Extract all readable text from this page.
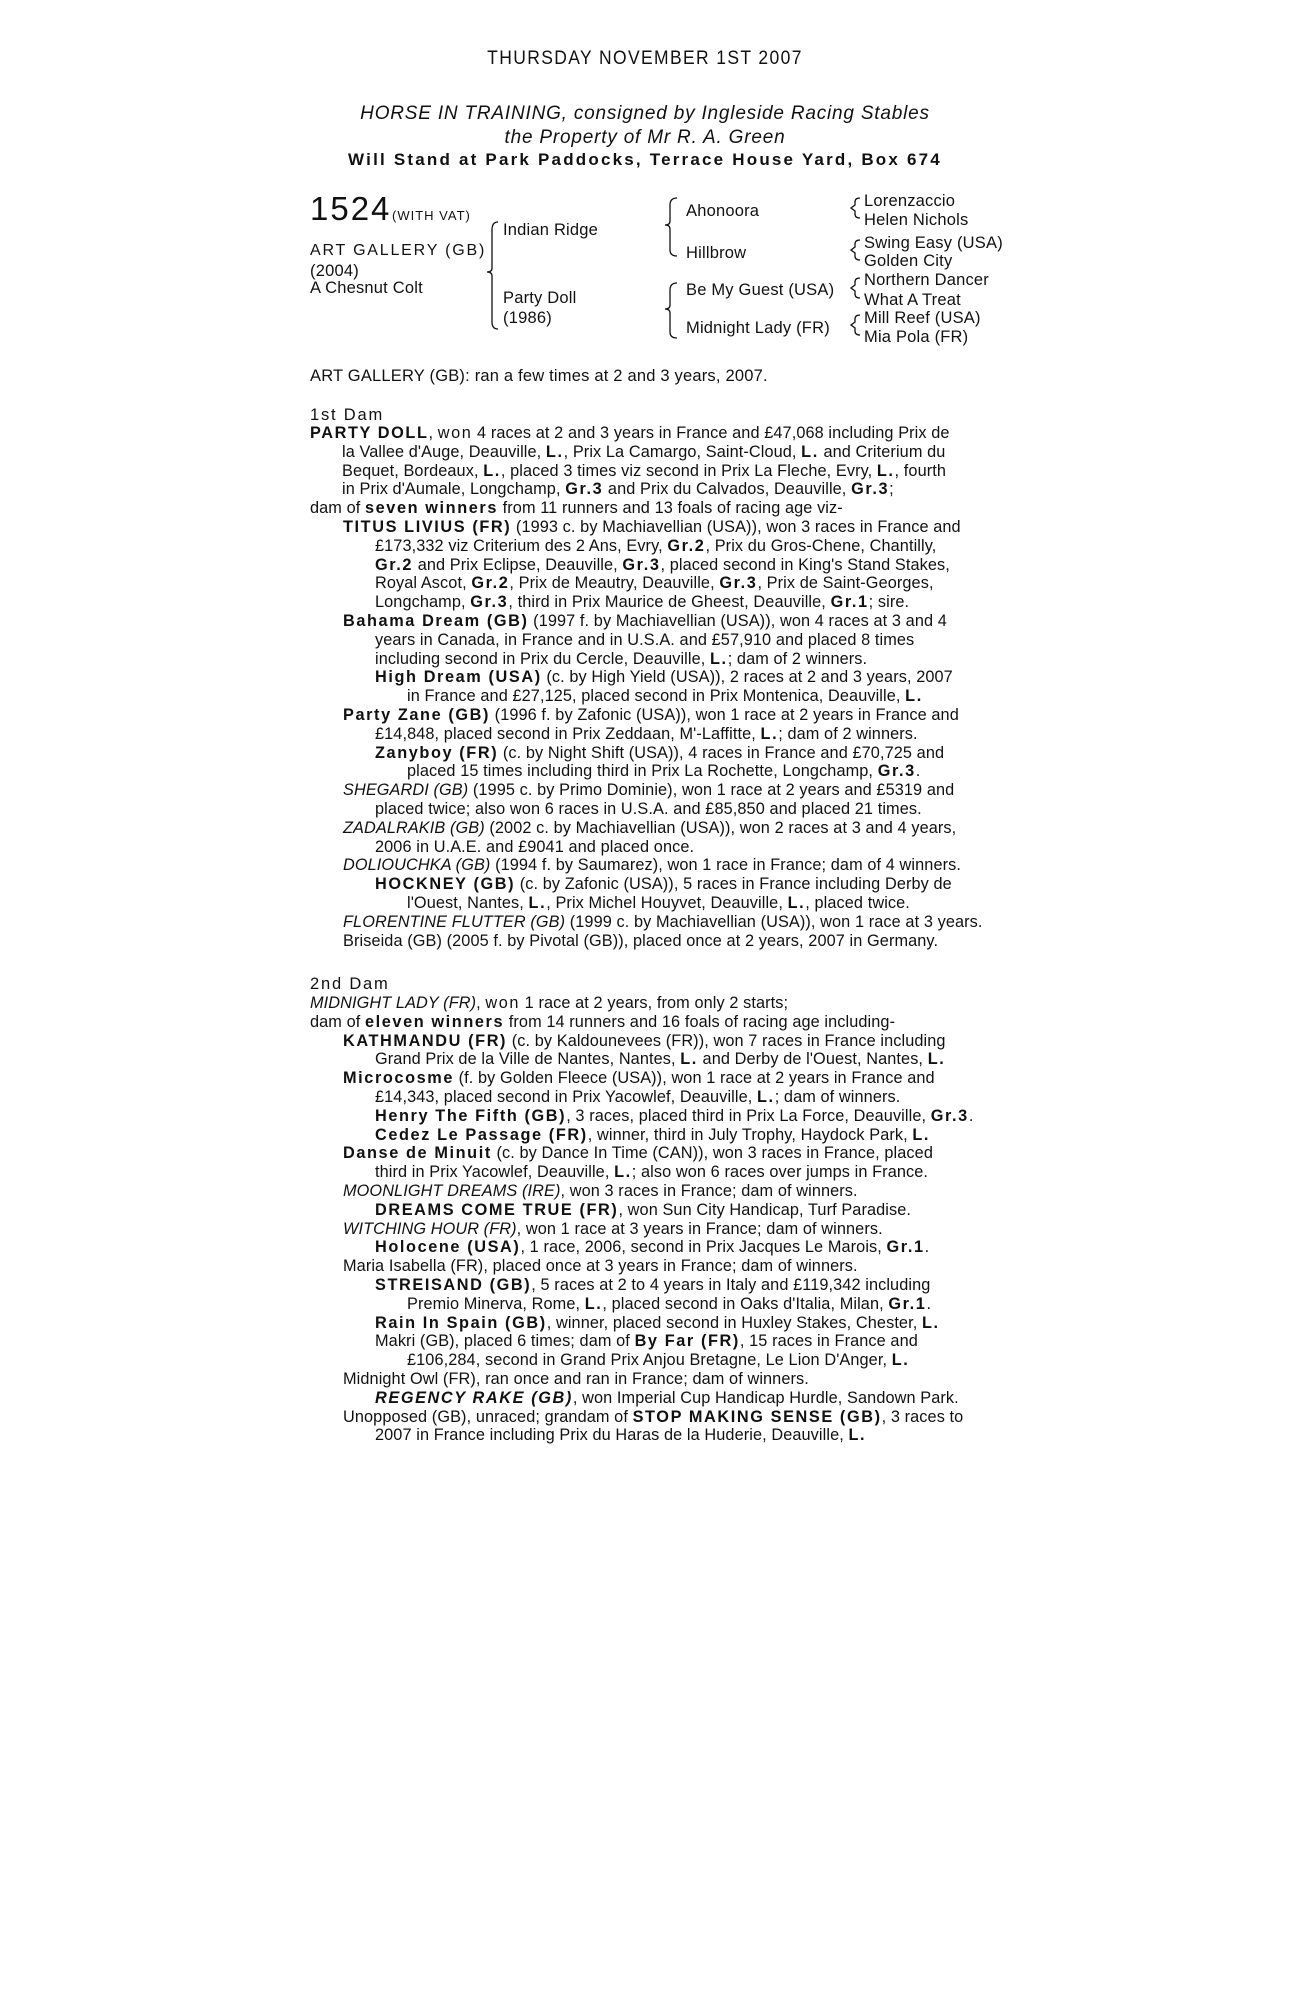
THURSDAY NOVEMBER 1ST 2007
HORSE IN TRAINING, consigned by Ingleside Racing Stables
the Property of Mr R. A. Green
Will Stand at Park Paddocks, Terrace House Yard, Box 674
1524 (WITH VAT)
ART GALLERY (GB)
(2004)
A Chesnut Colt
Indian Ridge
Party Doll
(1986)
Ahonoora
Hillbrow
Be My Guest (USA)
Midnight Lady (FR)
Lorenzaccio
Helen Nichols
Swing Easy (USA)
Golden City
Northern Dancer
What A Treat
Mill Reef (USA)
Mia Pola (FR)
ART GALLERY (GB): ran a few times at 2 and 3 years, 2007.
1st Dam
PARTY DOLL, won 4 races at 2 and 3 years in France and £47,068 including Prix de
la Vallee d'Auge, Deauville, L., Prix La Camargo, Saint-Cloud, L. and Criterium du
Bequet, Bordeaux, L., placed 3 times viz second in Prix La Fleche, Evry, L., fourth
in Prix d'Aumale, Longchamp, Gr.3 and Prix du Calvados, Deauville, Gr.3;
dam of seven winners from 11 runners and 13 foals of racing age viz-
TITUS LIVIUS (FR) (1993 c. by Machiavellian (USA)), won 3 races in France and
£173,332 viz Criterium des 2 Ans, Evry, Gr.2, Prix du Gros-Chene, Chantilly,
Gr.2 and Prix Eclipse, Deauville, Gr.3, placed second in King's Stand Stakes,
Royal Ascot, Gr.2, Prix de Meautry, Deauville, Gr.3, Prix de Saint-Georges,
Longchamp, Gr.3, third in Prix Maurice de Gheest, Deauville, Gr.1; sire.
Bahama Dream (GB) (1997 f. by Machiavellian (USA)), won 4 races at 3 and 4
years in Canada, in France and in U.S.A. and £57,910 and placed 8 times
including second in Prix du Cercle, Deauville, L.; dam of 2 winners.
High Dream (USA) (c. by High Yield (USA)), 2 races at 2 and 3 years, 2007
in France and £27,125, placed second in Prix Montenica, Deauville, L.
Party Zane (GB) (1996 f. by Zafonic (USA)), won 1 race at 2 years in France and
£14,848, placed second in Prix Zeddaan, M'-Laffitte, L.; dam of 2 winners.
Zanyboy (FR) (c. by Night Shift (USA)), 4 races in France and £70,725 and
placed 15 times including third in Prix La Rochette, Longchamp, Gr.3.
SHEGARDI (GB) (1995 c. by Primo Dominie), won 1 race at 2 years and £5319 and
placed twice; also won 6 races in U.S.A. and £85,850 and placed 21 times.
ZADALRAKIB (GB) (2002 c. by Machiavellian (USA)), won 2 races at 3 and 4 years,
2006 in U.A.E. and £9041 and placed once.
DOLIOUCHKA (GB) (1994 f. by Saumarez), won 1 race in France; dam of 4 winners.
HOCKNEY (GB) (c. by Zafonic (USA)), 5 races in France including Derby de
l'Ouest, Nantes, L., Prix Michel Houyvet, Deauville, L., placed twice.
FLORENTINE FLUTTER (GB) (1999 c. by Machiavellian (USA)), won 1 race at 3 years.
Briseida (GB) (2005 f. by Pivotal (GB)), placed once at 2 years, 2007 in Germany.
2nd Dam
MIDNIGHT LADY (FR), won 1 race at 2 years, from only 2 starts;
dam of eleven winners from 14 runners and 16 foals of racing age including-
KATHMANDU (FR) (c. by Kaldounevees (FR)), won 7 races in France including
Grand Prix de la Ville de Nantes, Nantes, L. and Derby de l'Ouest, Nantes, L.
Microcosme (f. by Golden Fleece (USA)), won 1 race at 2 years in France and
£14,343, placed second in Prix Yacowlef, Deauville, L.; dam of winners.
Henry The Fifth (GB), 3 races, placed third in Prix La Force, Deauville, Gr.3.
Cedez Le Passage (FR), winner, third in July Trophy, Haydock Park, L.
Danse de Minuit (c. by Dance In Time (CAN)), won 3 races in France, placed
third in Prix Yacowlef, Deauville, L.; also won 6 races over jumps in France.
MOONLIGHT DREAMS (IRE), won 3 races in France; dam of winners.
DREAMS COME TRUE (FR), won Sun City Handicap, Turf Paradise.
WITCHING HOUR (FR), won 1 race at 3 years in France; dam of winners.
Holocene (USA), 1 race, 2006, second in Prix Jacques Le Marois, Gr.1.
Maria Isabella (FR), placed once at 3 years in France; dam of winners.
STREISAND (GB), 5 races at 2 to 4 years in Italy and £119,342 including
Premio Minerva, Rome, L., placed second in Oaks d'Italia, Milan, Gr.1.
Rain In Spain (GB), winner, placed second in Huxley Stakes, Chester, L.
Makri (GB), placed 6 times; dam of By Far (FR), 15 races in France and
£106,284, second in Grand Prix Anjou Bretagne, Le Lion D'Anger, L.
Midnight Owl (FR), ran once and ran in France; dam of winners.
REGENCY RAKE (GB), won Imperial Cup Handicap Hurdle, Sandown Park.
Unopposed (GB), unraced; grandam of STOP MAKING SENSE (GB), 3 races to
2007 in France including Prix du Haras de la Huderie, Deauville, L.
